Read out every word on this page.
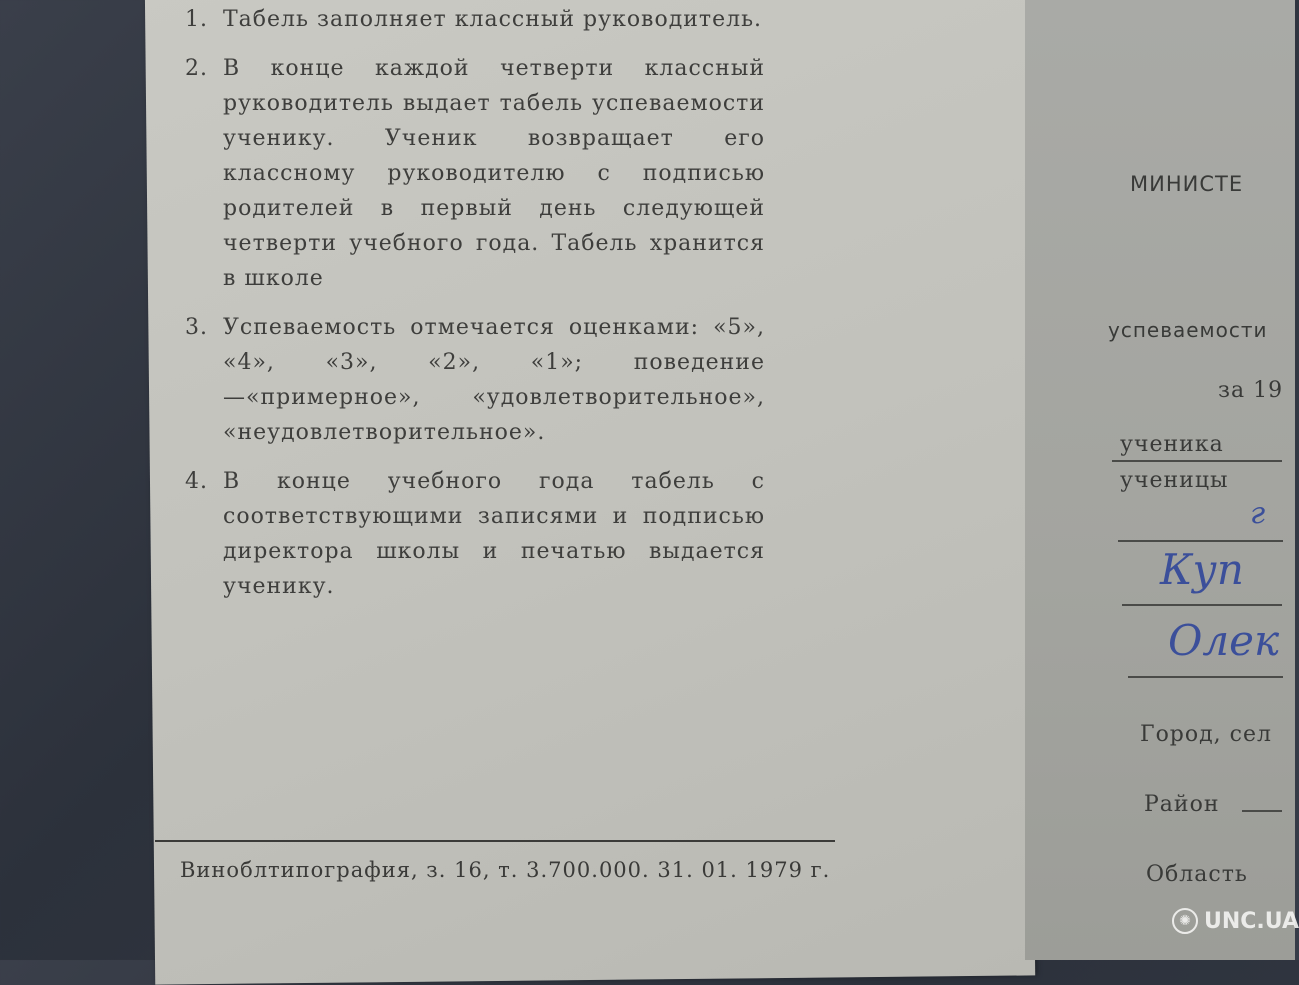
1. Табель заполняет классный руководитель.
2. В конце каждой четверти классный руководитель выдает табель успеваемости ученику. Ученик возвращает его классному руководителю с подписью родителей в первый день следующей четверти учебного года. Табель хранится в школе
3. Успеваемость отмечается оценками: «5», «4», «3», «2», «1»; поведение—«примерное», «удовлетворительное», «неудовлетворительное».
4. В конце учебного года табель с соответствующими записями и подписью директора школы и печатью выдается ученику.
Виноблтипография, з. 16, т. 3.700.000. 31. 01. 1979 г.
МИНИСТЕ
успеваемости
за 19
ученика
ученицы
г
Куп
Олек
Город, сел
Район
Область
✺ UNC.UA
